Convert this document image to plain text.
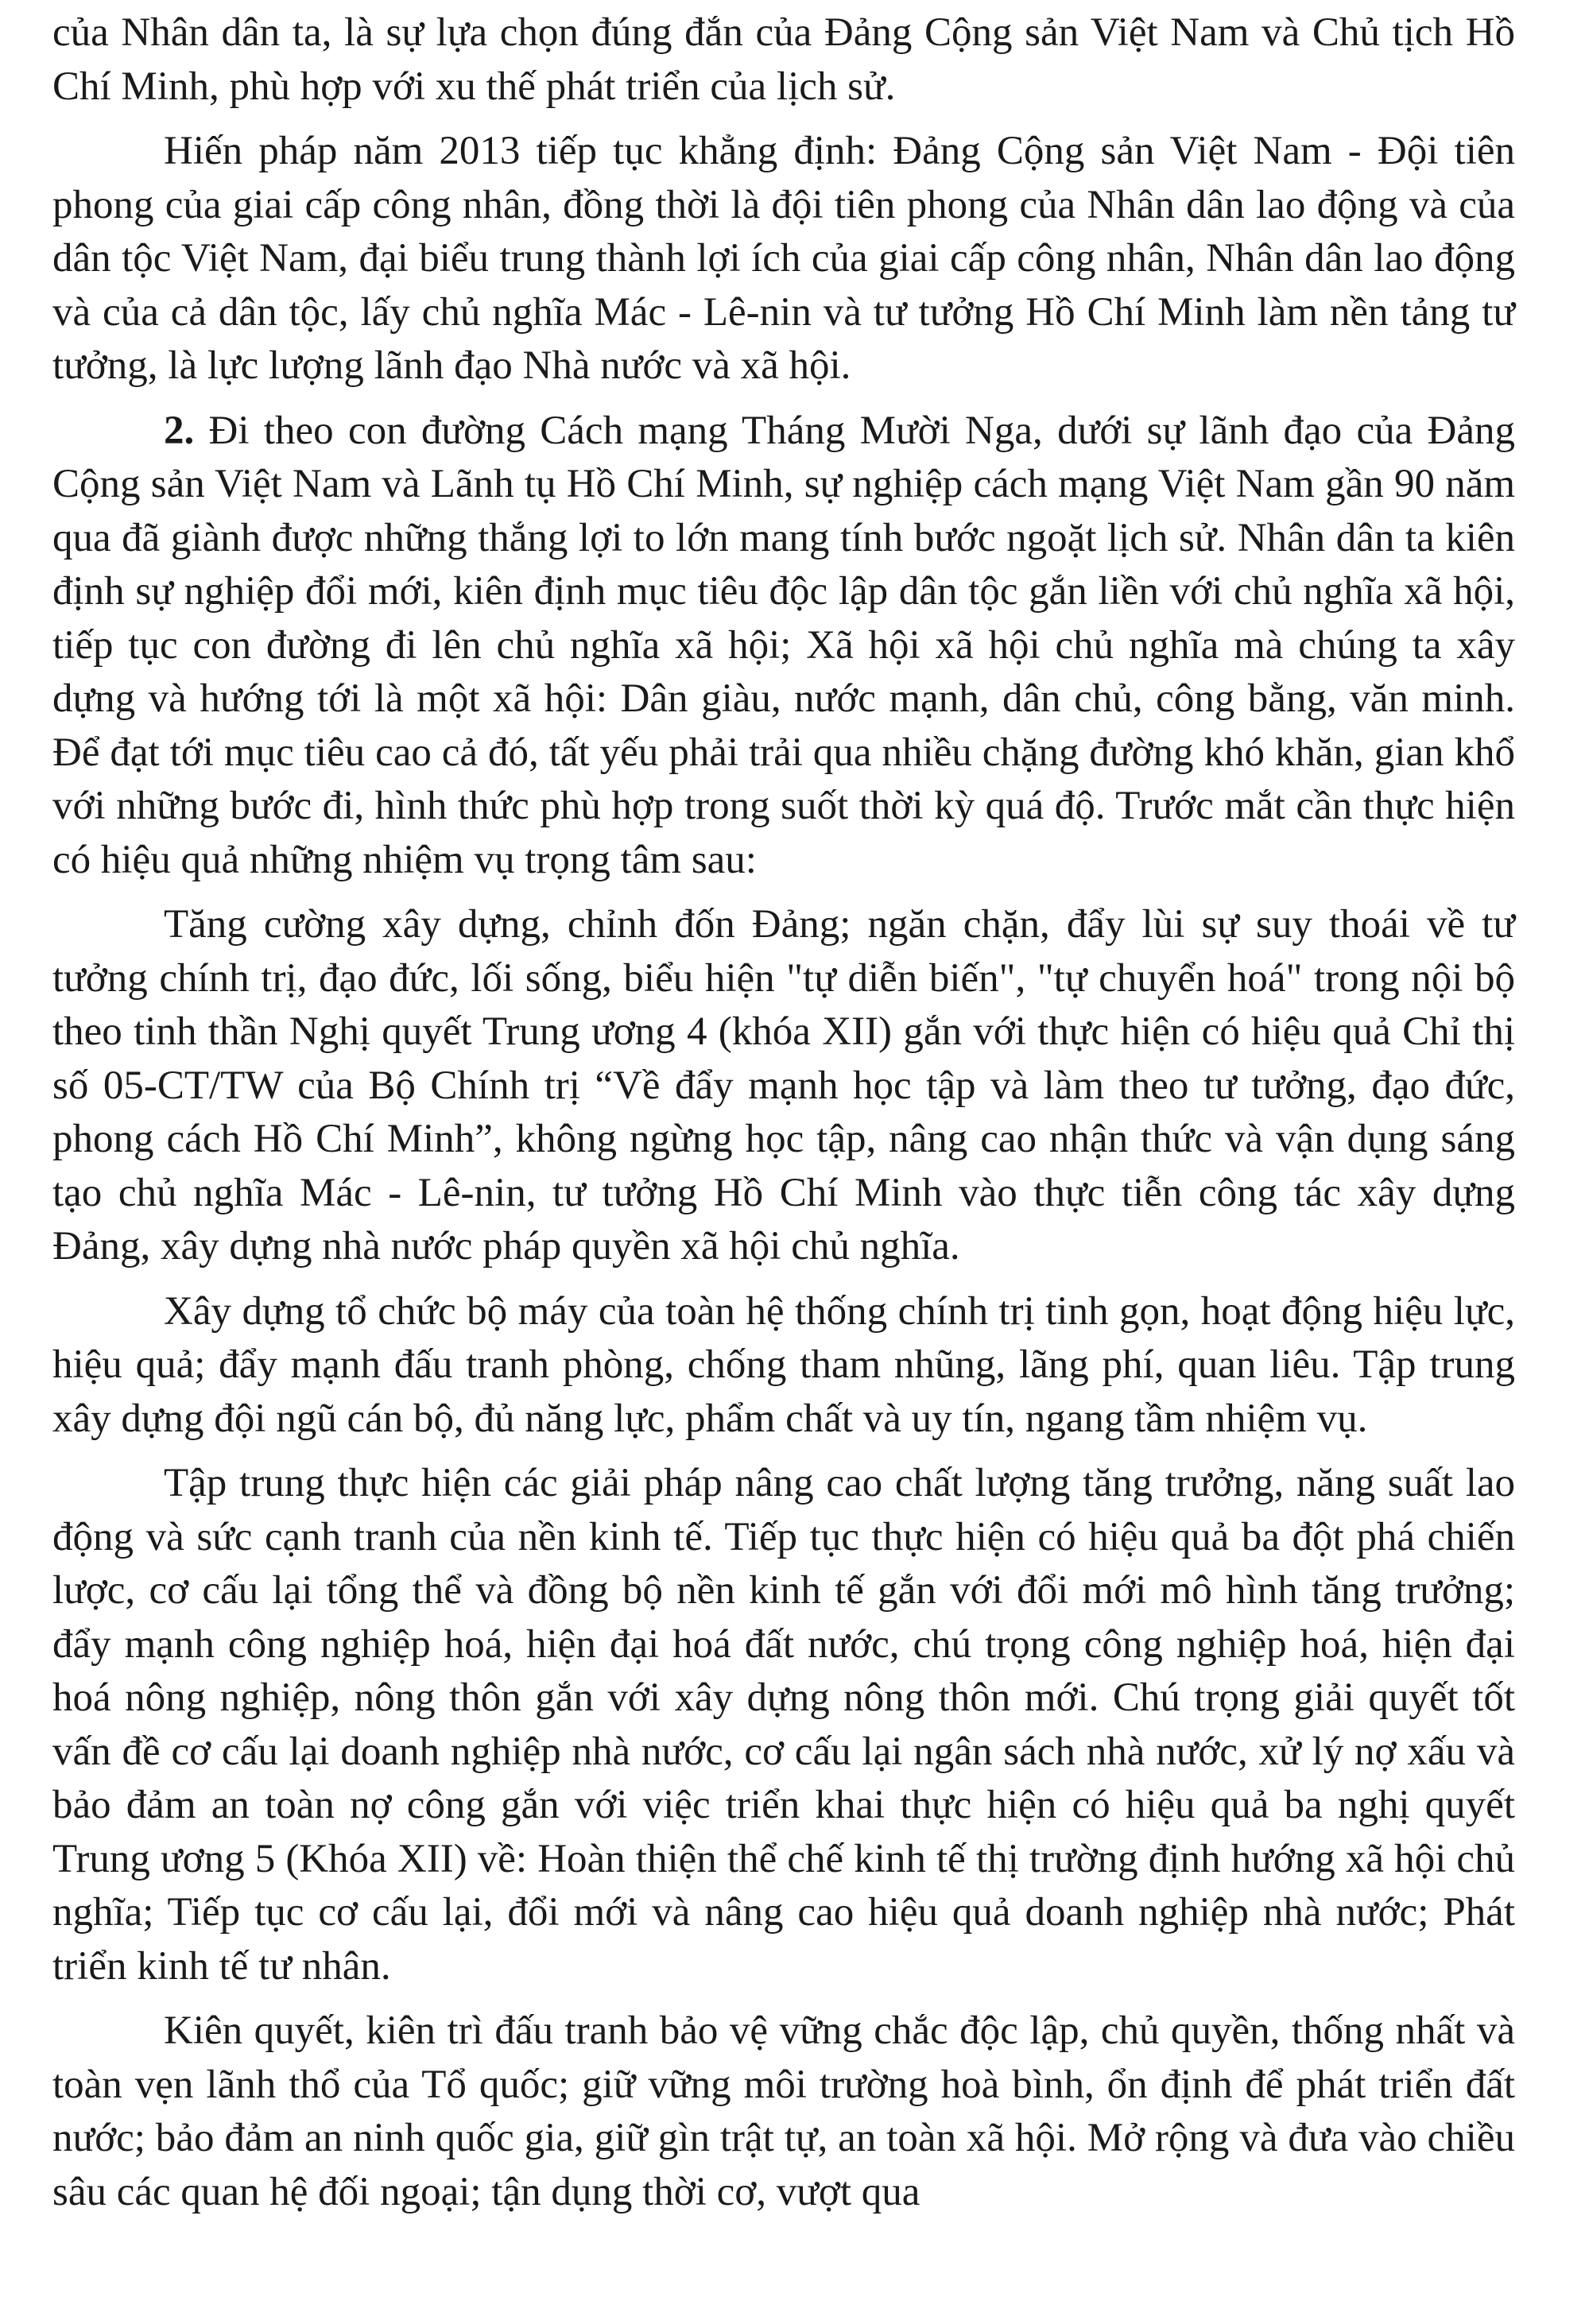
của Nhân dân ta, là sự lựa chọn đúng đắn của Đảng Cộng sản Việt Nam và Chủ tịch Hồ Chí Minh, phù hợp với xu thế phát triển của lịch sử.

Hiến pháp năm 2013 tiếp tục khẳng định: Đảng Cộng sản Việt Nam - Đội tiên phong của giai cấp công nhân, đồng thời là đội tiên phong của Nhân dân lao động và của dân tộc Việt Nam, đại biểu trung thành lợi ích của giai cấp công nhân, Nhân dân lao động và của cả dân tộc, lấy chủ nghĩa Mác - Lê-nin và tư tưởng Hồ Chí Minh làm nền tảng tư tưởng, là lực lượng lãnh đạo Nhà nước và xã hội.

2. Đi theo con đường Cách mạng Tháng Mười Nga, dưới sự lãnh đạo của Đảng Cộng sản Việt Nam và Lãnh tụ Hồ Chí Minh, sự nghiệp cách mạng Việt Nam gần 90 năm qua đã giành được những thắng lợi to lớn mang tính bước ngoặt lịch sử. Nhân dân ta kiên định sự nghiệp đổi mới, kiên định mục tiêu độc lập dân tộc gắn liền với chủ nghĩa xã hội, tiếp tục con đường đi lên chủ nghĩa xã hội; Xã hội xã hội chủ nghĩa mà chúng ta xây dựng và hướng tới là một xã hội: Dân giàu, nước mạnh, dân chủ, công bằng, văn minh. Để đạt tới mục tiêu cao cả đó, tất yếu phải trải qua nhiều chặng đường khó khăn, gian khổ với những bước đi, hình thức phù hợp trong suốt thời kỳ quá độ. Trước mắt cần thực hiện có hiệu quả những nhiệm vụ trọng tâm sau:

Tăng cường xây dựng, chỉnh đốn Đảng; ngăn chặn, đẩy lùi sự suy thoái về tư tưởng chính trị, đạo đức, lối sống, biểu hiện "tự diễn biến", "tự chuyển hoá" trong nội bộ theo tinh thần Nghị quyết Trung ương 4 (khóa XII) gắn với thực hiện có hiệu quả Chỉ thị số 05-CT/TW của Bộ Chính trị “Về đẩy mạnh học tập và làm theo tư tưởng, đạo đức, phong cách Hồ Chí Minh”, không ngừng học tập, nâng cao nhận thức và vận dụng sáng tạo chủ nghĩa Mác - Lê-nin, tư tưởng Hồ Chí Minh vào thực tiễn công tác xây dựng Đảng, xây dựng nhà nước pháp quyền xã hội chủ nghĩa.

Xây dựng tổ chức bộ máy của toàn hệ thống chính trị tinh gọn, hoạt động hiệu lực, hiệu quả; đẩy mạnh đấu tranh phòng, chống tham nhũng, lãng phí, quan liêu. Tập trung xây dựng đội ngũ cán bộ, đủ năng lực, phẩm chất và uy tín, ngang tầm nhiệm vụ.

Tập trung thực hiện các giải pháp nâng cao chất lượng tăng trưởng, năng suất lao động và sức cạnh tranh của nền kinh tế. Tiếp tục thực hiện có hiệu quả ba đột phá chiến lược, cơ cấu lại tổng thể và đồng bộ nền kinh tế gắn với đổi mới mô hình tăng trưởng; đẩy mạnh công nghiệp hoá, hiện đại hoá đất nước, chú trọng công nghiệp hoá, hiện đại hoá nông nghiệp, nông thôn gắn với xây dựng nông thôn mới. Chú trọng giải quyết tốt vấn đề cơ cấu lại doanh nghiệp nhà nước, cơ cấu lại ngân sách nhà nước, xử lý nợ xấu và bảo đảm an toàn nợ công gắn với việc triển khai thực hiện có hiệu quả ba nghị quyết Trung ương 5 (Khóa XII) về: Hoàn thiện thể chế kinh tế thị trường định hướng xã hội chủ nghĩa; Tiếp tục cơ cấu lại, đổi mới và nâng cao hiệu quả doanh nghiệp nhà nước; Phát triển kinh tế tư nhân.

Kiên quyết, kiên trì đấu tranh bảo vệ vững chắc độc lập, chủ quyền, thống nhất và toàn vẹn lãnh thổ của Tổ quốc; giữ vững môi trường hoà bình, ổn định để phát triển đất nước; bảo đảm an ninh quốc gia, giữ gìn trật tự, an toàn xã hội. Mở rộng và đưa vào chiều sâu các quan hệ đối ngoại; tận dụng thời cơ, vượt qua
